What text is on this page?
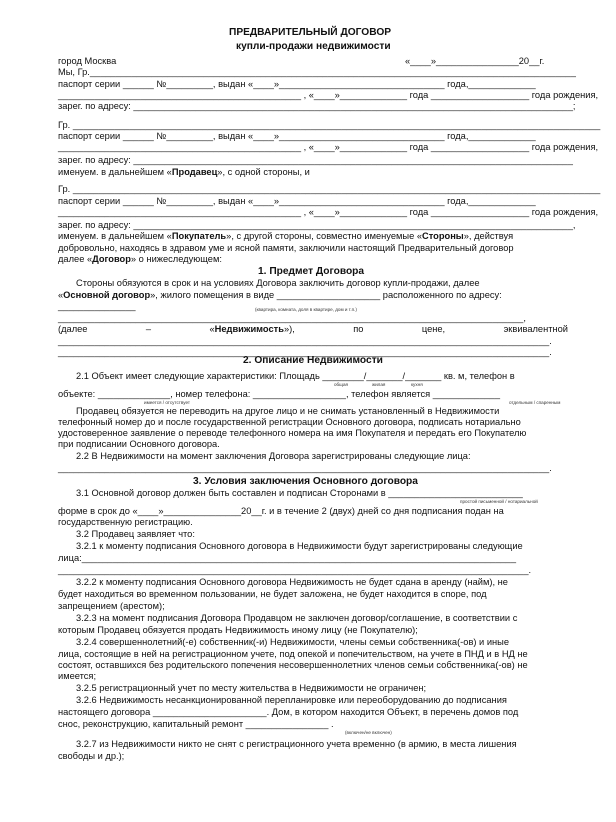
ПРЕДВАРИТЕЛЬНЫЙ ДОГОВОР
купли-продажи недвижимости
город Москва	«____»________________20__г.
Мы, Гр.______________________________________________________________________________________________
паспорт серии ______ №_________, выдан «____»________________________________ года,_____________
_______________________________________________ , «____»_____________ года ___________________ года рождения,
зарег. по адресу: _____________________________________________________________________________________;
Гр. ______________________________________________________________________________________________________
паспорт серии ______ №_________, выдан «____»________________________________ года,_____________
_______________________________________________ , «____»_____________ года ___________________ года рождения,
зарег. по адресу: _____________________________________________________________________________________
именуем. в дальнейшем «Продавец», с одной стороны, и
Гр. ______________________________________________________________________________________________________
паспорт серии ______ №_________, выдан «____»________________________________ года,_____________
_______________________________________________ , «____»_____________ года ___________________ года рождения,
зарег. по адресу: _____________________________________________________________________________________,
именуем. в дальнейшем «Покупатель», с другой стороны, совместно именуемые «Стороны», действуя
добровольно, находясь в здравом уме и ясной памяти, заключили настоящий Предварительный договор
далее «Договор» о нижеследующем:
1. Предмет Договора
Стороны обязуются в срок и на условиях Договора заключить договор купли-продажи, далее
«Основной договор», жилого помещения в виде ____________________ расположенного по адресу:
_______________	(квартира, комната, доля в квартире, дом и т.п.)
__________________________________________________________________________________________,
(далее	–	«Недвижимость»),	по	цене,	эквивалентной
_______________________________________________________________________________________________.
_______________________________________________________________________________________________.
2. Описание Недвижимости
2.1 Объект имеет следующие характеристики: Площадь ________/_______/_______ кв. м, телефон в
общая	жилая	кухня
объекте: ______________, номер телефона: __________________, телефон является _____________
имеется / отсутствует	отдельным / спаренным
Продавец обязуется не переводить на другое лицо и не снимать установленный в Недвижимости
телефонный номер до и после государственной регистрации Основного договора, подписать нотариально
удостоверенное заявление о переводе телефонного номера на имя Покупателя и передать его Покупателю
при подписании Основного договора.
2.2 В Недвижимости на момент заключения Договора зарегистрированы следующие лица:
_______________________________________________________________________________________________.
3. Условия заключения Основного договора
3.1 Основной договор должен быть составлен и подписан Сторонами в __________________________
простой письменной / нотариальной
форме в срок до «____»_______________20__г. и в течение 2 (двух) дней со дня подписания подан на
государственную регистрацию.
3.2 Продавец заявляет что:
3.2.1 к моменту подписания Основного договора в Недвижимости будут зарегистрированы следующие
лица:____________________________________________________________________________________
___________________________________________________________________________________________.
3.2.2 к моменту подписания Основного договора Недвижимость не будет сдана в аренду (найм), не
будет находиться во временном пользовании, не будет заложена, не будет находится в споре, под
запрещением (арестом);
3.2.3 на момент подписания Договора Продавцом не заключен договор/соглашение, в соответствии с
которым Продавец обязуется продать Недвижимость иному лицу (не Покупателю);
3.2.4 совершеннолетний(-е) собственник(-и) Недвижимости, члены семьи собственника(-ов) и иные
лица, состоящие в ней на регистрационном учете, под опекой и попечительством, на учете в ПНД и в НД не
состоят, оставшихся без родительского попечения несовершеннолетних членов семьи собственника(-ов) не
имеется;
3.2.5 регистрационный учет по месту жительства в Недвижимости не ограничен;
3.2.6 Недвижимость несанкционированной перепланировке или переоборудованию до подписания
настоящего договора ______________________. Дом, в котором находится Объект, в перечень домов под
снос, реконструкцию, капитальный ремонт ________________ .
(включен/не включен)
3.2.7 из Недвижимости никто не снят с регистрационного учета временно (в армию, в места лишения
свободы и др.);
